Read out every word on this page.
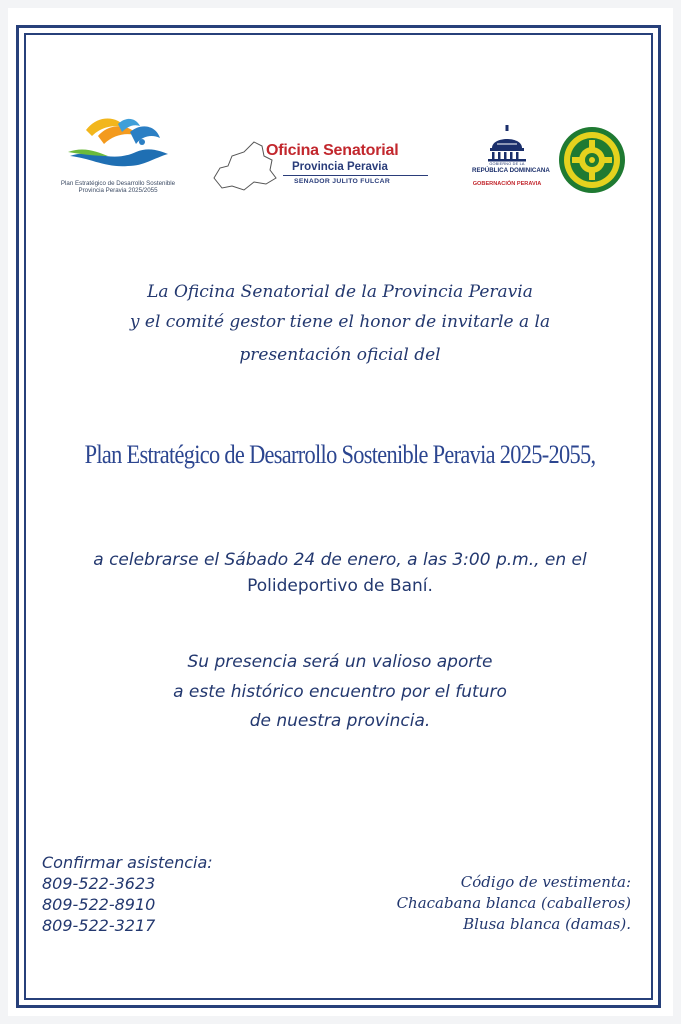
Plan Estratégico de Desarrollo Sostenible
Provincia Peravia 2025/2055
Oficina Senatorial
Provincia Peravia
SENADOR JULITO FULCAR
GOBIERNO DE LA
REPÚBLICA DOMINICANA
GOBERNACIÓN PERAVIA
La Oficina Senatorial de la Provincia Peravia
y el comité gestor tiene el honor de invitarle a la
presentación oficial del
Plan Estratégico de Desarrollo Sostenible Peravia 2025-2055,
a celebrarse el Sábado 24 de enero, a las 3:00 p.m., en el
Polideportivo de Baní.
Su presencia será un valioso aporte
a este histórico encuentro por el futuro
de nuestra provincia.
Confirmar asistencia:
809-522-3623
809-522-8910
809-522-3217
Código de vestimenta:
Chacabana blanca (caballeros)
Blusa blanca (damas).
